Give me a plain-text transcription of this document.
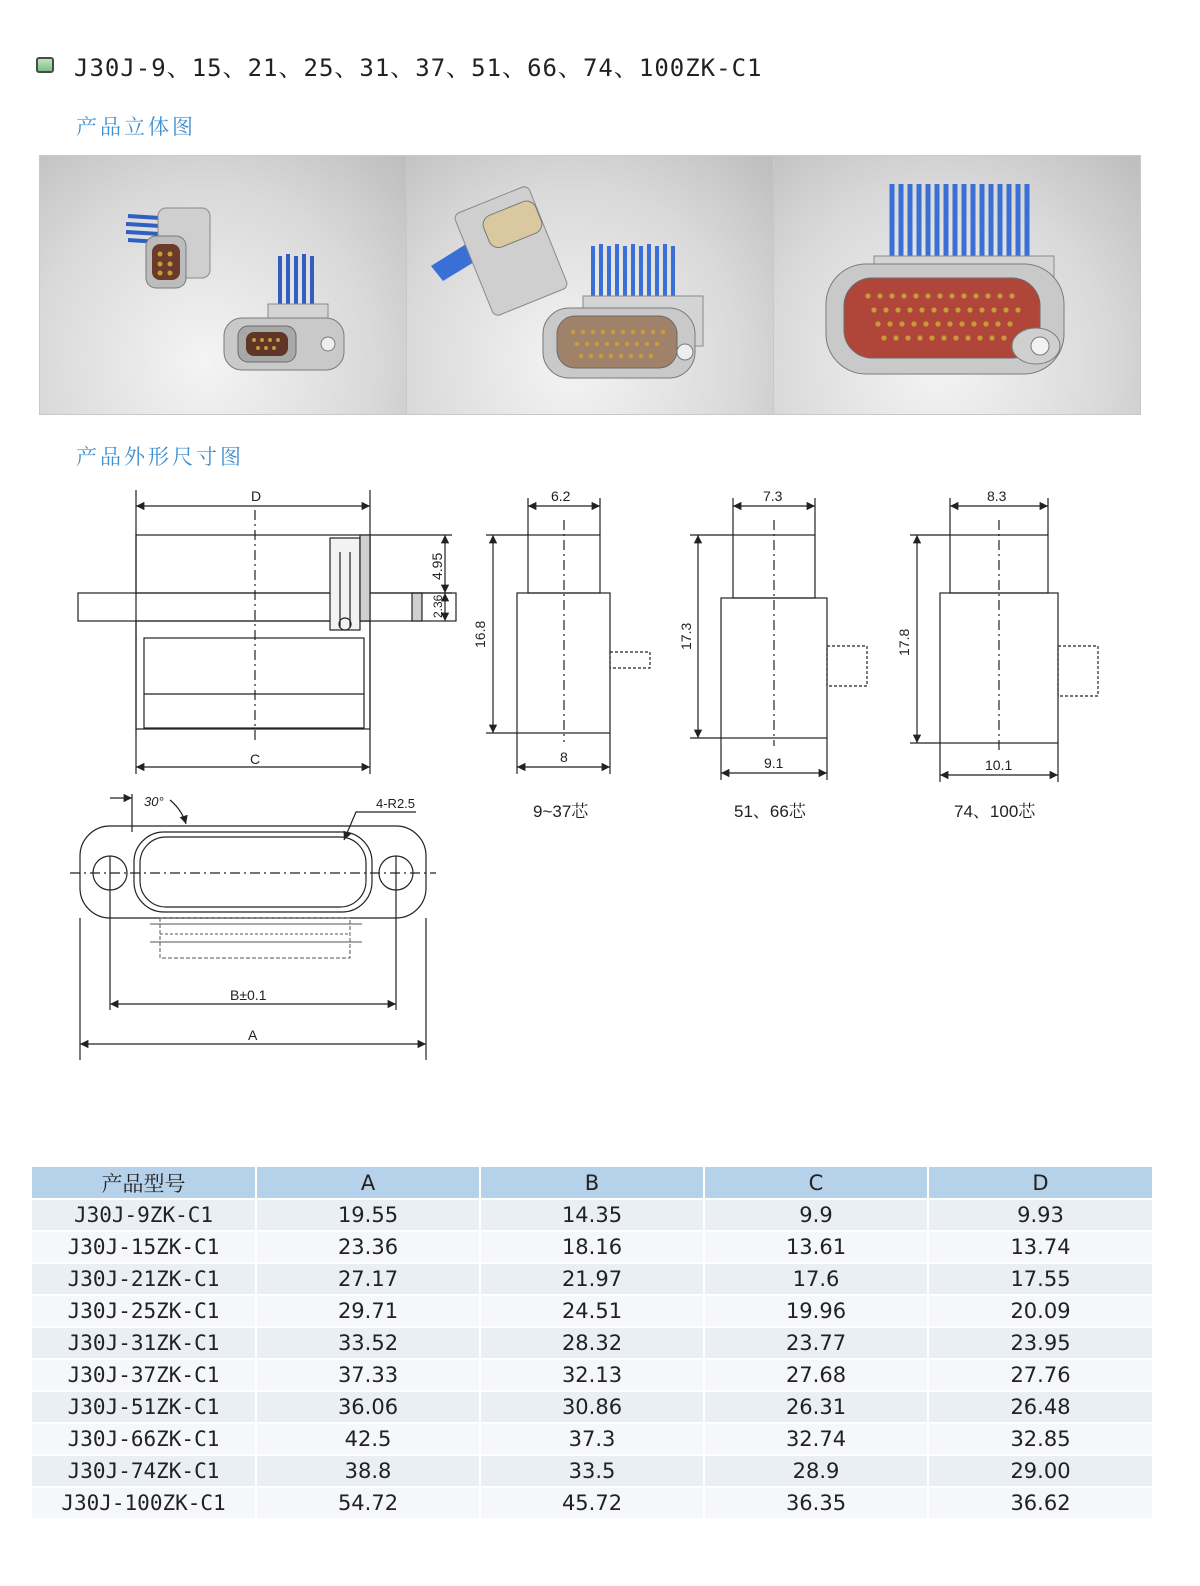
J30J-9、15、21、25、31、37、51、66、74、100ZK-C1
产品立体图
产品外形尺寸图
D
C
4.95
2.36
30°	4-R2.5
B±0.1
A
6.2
16.8
8
9~37芯
7.3
17.3
9.1
51、66芯
8.3
17.8
10.1
74、100芯
产品型号	A	B	C	D
J30J-9ZK-C1	19.55	14.35	9.9	9.93
J30J-15ZK-C1	23.36	18.16	13.61	13.74
J30J-21ZK-C1	27.17	21.97	17.6	17.55
J30J-25ZK-C1	29.71	24.51	19.96	20.09
J30J-31ZK-C1	33.52	28.32	23.77	23.95
J30J-37ZK-C1	37.33	32.13	27.68	27.76
J30J-51ZK-C1	36.06	30.86	26.31	26.48
J30J-66ZK-C1	42.5	37.3	32.74	32.85
J30J-74ZK-C1	38.8	33.5	28.9	29.00
J30J-100ZK-C1	54.72	45.72	36.35	36.62
